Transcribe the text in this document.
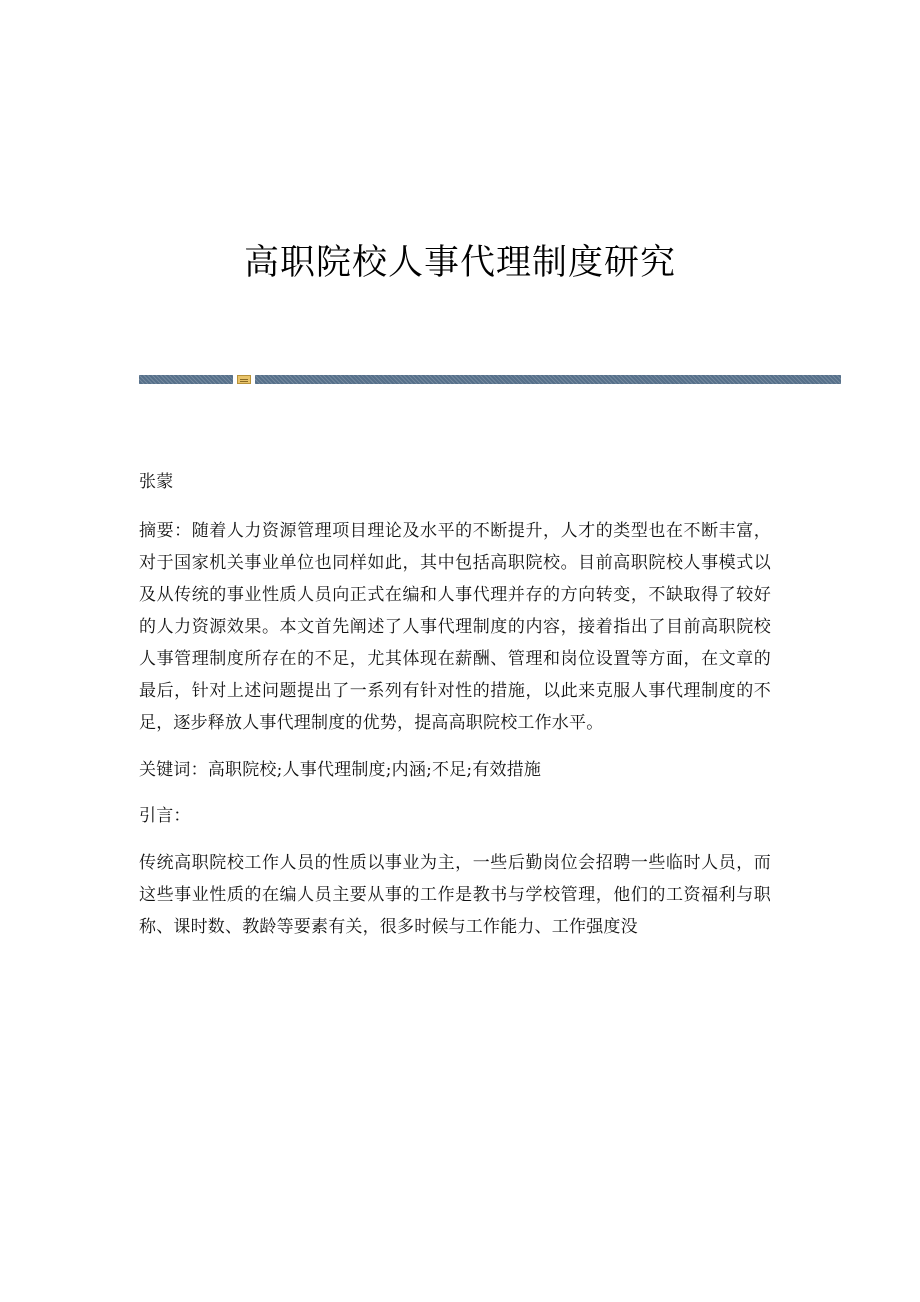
高职院校人事代理制度研究

张蒙

摘要：随着人力资源管理项目理论及水平的不断提升，人才的类型也在不断丰富，对于国家机关事业单位也同样如此，其中包括高职院校。目前高职院校人事模式以及从传统的事业性质人员向正式在编和人事代理并存的方向转变，不缺取得了较好的人力资源效果。本文首先阐述了人事代理制度的内容，接着指出了目前高职院校人事管理制度所存在的不足，尤其体现在薪酬、管理和岗位设置等方面，在文章的最后，针对上述问题提出了一系列有针对性的措施，以此来克服人事代理制度的不足，逐步释放人事代理制度的优势，提高高职院校工作水平。

关键词：高职院校;人事代理制度;内涵;不足;有效措施

引言：

传统高职院校工作人员的性质以事业为主，一些后勤岗位会招聘一些临时人员，而这些事业性质的在编人员主要从事的工作是教书与学校管理，他们的工资福利与职称、课时数、教龄等要素有关，很多时候与工作能力、工作强度没
